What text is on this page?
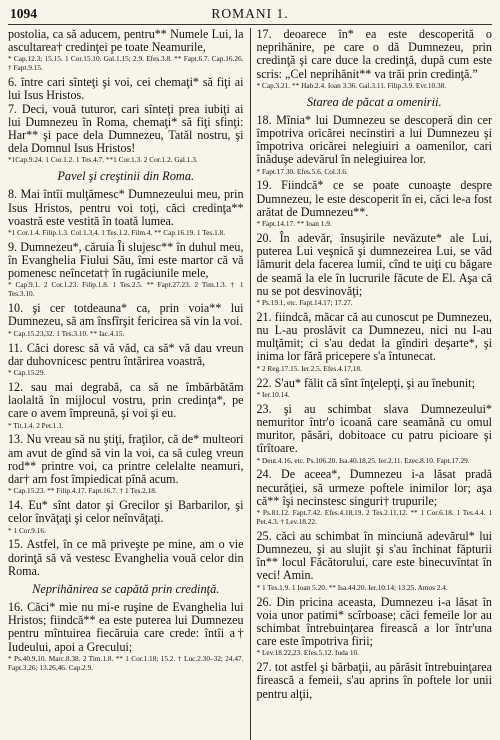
1094	ROMANI 1.
postolia, ca să aducem, pentru** Numele Lui, la ascultarea† credinţei pe toate Neamurile,
* Cap.12.3; 15.15. 1 Cor.15.10. Gal.1.15; 2.9. Efes.3.8. ** Fapt.6.7. Cap.16.26. † Fapt.9.15.
6. între cari sînteţi şi voi, cei chemaţi* să fiţi ai lui Isus Hristos.
7. Deci, vouă tuturor, cari sînteţi prea iubiţi ai lui Dumnezeu în Roma, chemaţi* să fiţi sfinţi: Har** şi pace dela Dumnezeu, Tatăl nostru, şi dela Domnul Isus Hristos!
*1Cap.9.24. 1 Cor.1.2. 1 Tes.4.7. **1 Cor.1.3. 2 Cor.1.2. Gal.1.3.
Pavel şi creştinii din Roma.
8. Mai întîi mulţămesc* Dumnezeului meu, prin Isus Hristos, pentru voi toţi, căci credinţa** voastră este vestită în toată lumea.
*1 Cor.1.4. Filip.1.3. Col.1.3,4. 1 Tes.1.2. Film.4. ** Cap.16.19. 1 Tes.1.8.
9. Dumnezeu*, căruia Îi slujesc** în duhul meu, în Evanghelia Fiului Său, îmi este martor că vă pomenesc neîncetat† în rugăciunile mele,
* Cap.9.1. 2 Cor.1.23. Filip.1.8. 1 Tes.2.5. ** Fapt.27.23. 2 Tim.1.3. † 1 Tes.3.10.
10. şi cer totdeauna* ca, prin voia** lui Dumnezeu, să am însfîrşit fericirea să vin la voi.
* Cap.15.23,32. 1 Tes.3.10. ** Iac.4.15.
11. Căci doresc să vă văd, ca să* vă dau vreun dar duhovnicesc pentru întărirea voastră,
* Cap.15.29.
12. sau mai degrabă, ca să ne îmbărbătăm laolaltă în mijlocul vostru, prin credinţa*, pe care o avem împreună, şi voi şi eu.
* Tit.1.4. 2 Pet.1.1.
13. Nu vreau să nu ştiţi, fraţilor, că de* multeori am avut de gînd să vin la voi, ca să culeg vreun rod** printre voi, ca printre celelalte neamuri, dar† am fost împiedicat pînă acum.
* Cap.15.23. ** Filip.4.17. Fapt.16.7. † 1 Tes.2.18.
14. Eu* sînt dator şi Grecilor şi Barbarilor, şi celor învăţaţi şi celor neînvăţaţi.
* 1 Cor.9.16.
15. Astfel, în ce mă priveşte pe mine, am o vie dorinţă să vă vestesc Evanghelia vouă celor din Roma.
Neprihănirea se capătă prin credinţă.
16. Căci* mie nu mi-e ruşine de Evanghelia lui Hristos; fiindcă** ea este puterea lui Dumnezeu pentru mîntuirea fiecăruia care crede: întîi a† Iudeului, apoi a Grecului;
* Ps.40.9,10. Marc.8.38. 2 Tim.1.8. ** 1 Cor.1.18; 15.2. † Luc.2.30–32; 24.47. Fapt.3.26; 13.26,46. Cap.2.9.
17. deoarece în* ea este descoperită o neprihănire, pe care o dă Dumnezeu, prin credinţă şi care duce la credinţă, după cum este scris: „Cel neprihănit** va trăi prin credinţă.”
* Cap.3.21. ** Hab.2.4. Ioan 3.36. Gal.3.11. Filip.3.9. Evr.10.38.
Starea de păcat a omenirii.
18. Mînia* lui Dumnezeu se descoperă din cer împotriva oricărei necinstiri a lui Dumnezeu şi împotriva oricărei nelegiuiri a oamenilor, cari înăduşe adevărul în nelegiuirea lor.
* Fapt.17.30. Efes.5.6. Col.3.6.
19. Fiindcă* ce se poate cunoaşte despre Dumnezeu, le este descoperit în ei, căci le-a fost arătat de Dumnezeu**.
* Fapt.14.17. ** Ioan 1.9.
20. În adevăr, însuşirile nevăzute* ale Lui, puterea Lui veşnică şi dumnezeirea Lui, se văd lămurit dela facerea lumii, cînd te uiţi cu băgare de seamă la ele în lucrurile făcute de El. Aşa că nu se pot desvinovăţi;
* Ps.19.1, etc. Fapt.14.17; 17.27.
21. fiindcă, măcar că au cunoscut pe Dumnezeu, nu L-au proslăvit ca Dumnezeu, nici nu I-au mulţămit; ci s'au dedat la gîndiri deşarte*, şi inima lor fără pricepere s'a întunecat.
* 2 Reg.17.15. Ier.2.5. Efes.4.17,18.
22. S'au* fălit că sînt înţelepţi, şi au înebunit;
* Ier.10.14.
23. şi au schimbat slava Dumnezeului* nemuritor într'o icoană care seamănă cu omul muritor, păsări, dobitoace cu patru picioare şi tîrîtoare.
* Deut.4.16, etc. Ps.106.20. Isa.40.18,25. Ier.2.11. Ezec.8.10. Fapt.17.29.
24. De aceea*, Dumnezeu i-a lăsat pradă necurăţiei, să urmeze poftele inimilor lor; aşa că** îşi necinstesc singuri† trupurile;
* Ps.81.12. Fapt.7.42. Efes.4.18,19. 2 Tes.2.11,12. ** 1 Cor.6.18. 1 Tes.4.4. 1 Pet.4.3. † Lev.18.22.
25. căci au schimbat în minciună adevărul* lui Dumnezeu, şi au slujit şi s'au închinat făpturii în** locul Făcătorului, care este binecuvîntat în veci! Amin.
* 1 Tes.1.9. 1 Ioan 5.20. ** Isa.44.20. Ier.10.14; 13.25. Amos 2.4.
26. Din pricina aceasta, Dumnezeu i-a lăsat în voia unor patimi* scîrboase; căci femeile lor au schimbat întrebuinţarea firească a lor într'una care este împotriva firii;
* Lev.18.22,23. Efes.5.12. Iuda 10.
27. tot astfel şi bărbaţii, au părăsit întrebuinţarea firească a femeii, s'au aprins în poftele lor unii pentru alţii,
